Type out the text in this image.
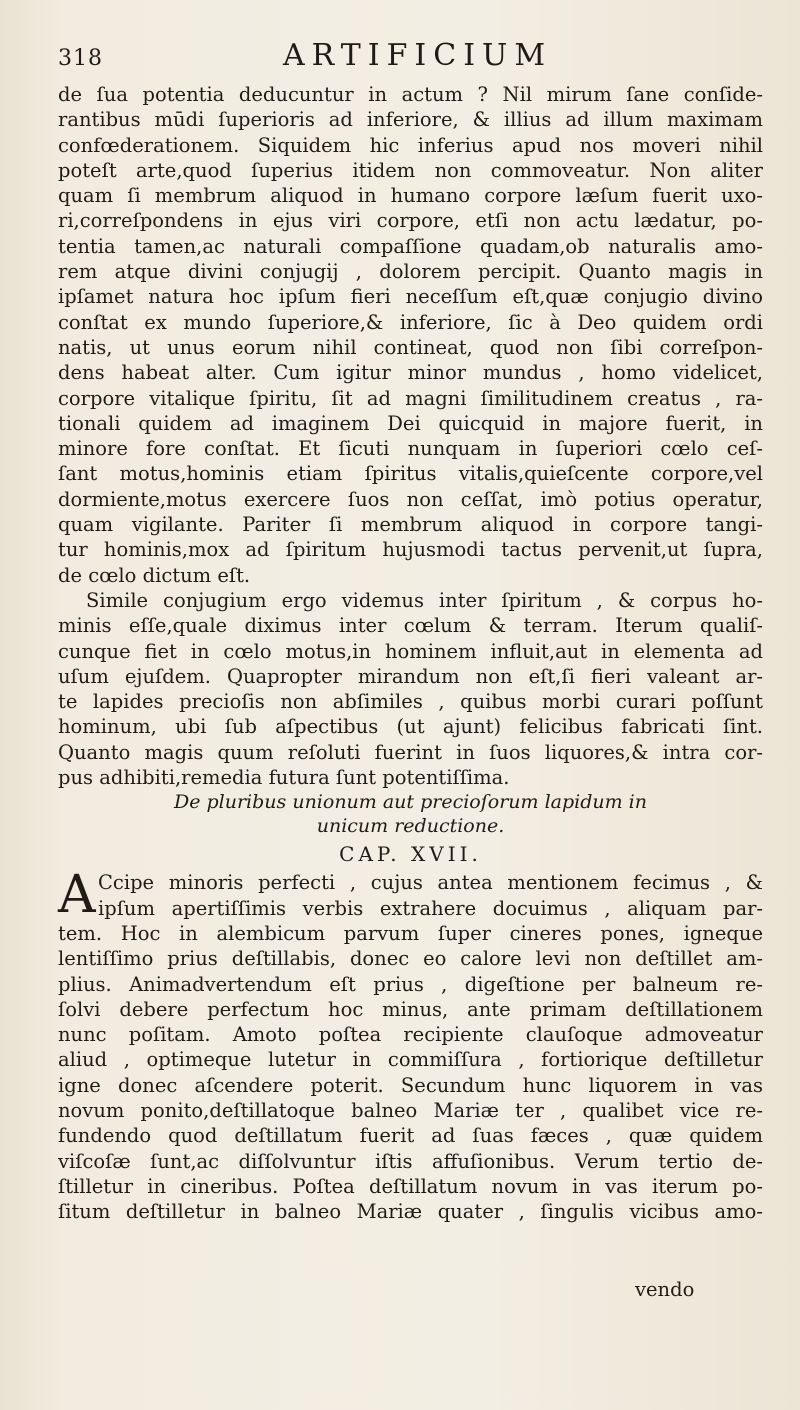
318	ARTIFICIUM
de ſua potentia deducuntur in actum ? Nil mirum ſane conſide-
rantibus mūdi ſuperioris ad inferiore, & illius ad illum maximam
confœderationem. Siquidem hic inferius apud nos moveri nihil
poteſt arte,quod ſuperius itidem non commoveatur. Non aliter
quam ſi membrum aliquod in humano corpore læſum fuerit uxo-
ri,correſpondens in ejus viri corpore, etſi non actu lædatur, po-
tentia tamen,ac naturali compaſſione quadam,ob naturalis amo-
rem atque divini conjugij , dolorem percipit. Quanto magis in
ipſamet natura hoc ipſum fieri neceſſum eſt,quæ conjugio divino
conſtat ex mundo ſuperiore,& inferiore, ſic à Deo quidem ordi
natis, ut unus eorum nihil contineat, quod non ſibi correſpon-
dens habeat alter. Cum igitur minor mundus , homo videlicet,
corpore vitalique ſpiritu, ſit ad magni ſimilitudinem creatus , ra-
tionali quidem ad imaginem Dei quicquid in majore fuerit, in
minore fore conſtat. Et ſicuti nunquam in ſuperiori cœlo ceſ-
ſant motus,hominis etiam ſpiritus vitalis,quieſcente corpore,vel
dormiente,motus exercere ſuos non ceſſat, imò potius operatur,
quam vigilante. Pariter ſi membrum aliquod in corpore tangi-
tur hominis,mox ad ſpiritum hujusmodi tactus pervenit,ut ſupra,
de cœlo dictum eſt.
Simile conjugium ergo videmus inter ſpiritum , & corpus ho-
minis eſſe,quale diximus inter cœlum & terram. Iterum qualiſ-
cunque fiet in cœlo motus,in hominem influit,aut in elementa ad
uſum ejuſdem. Quapropter mirandum non eſt,ſi fieri valeant ar-
te lapides precioſis non abſimiles , quibus morbi curari poſſunt
hominum, ubi ſub aſpectibus (ut ajunt) felicibus fabricati ſint.
Quanto magis quum reſoluti fuerint in ſuos liquores,& intra cor-
pus adhibiti,remedia futura ſunt potentiſſima.
De pluribus unionum aut precioſorum lapidum in
unicum reductione.
CAP. XVII.
A Ccipe minoris perfecti , cujus antea mentionem fecimus , &
ipſum apertiſſimis verbis extrahere docuimus , aliquam par-
tem. Hoc in alembicum parvum ſuper cineres pones, igneque
lentiſſimo prius deſtillabis, donec eo calore levi non deſtillet am-
plius. Animadvertendum eſt prius , digeſtione per balneum re-
ſolvi debere perfectum hoc minus, ante primam deſtillationem
nunc poſitam. Amoto poſtea recipiente clauſoque admoveatur
aliud , optimeque lutetur in commiſſura , fortiorique deſtilletur
igne donec aſcendere poterit. Secundum hunc liquorem in vas
novum ponito,deſtillatoque balneo Mariæ ter , qualibet vice re-
fundendo quod deſtillatum fuerit ad ſuas fæces , quæ quidem
viſcoſæ ſunt,ac diſſolvuntur iſtis affuſionibus. Verum tertio de-
ſtilletur in cineribus. Poſtea deſtillatum novum in vas iterum po-
ſitum deſtilletur in balneo Mariæ quater , ſingulis vicibus amo-
vendo
